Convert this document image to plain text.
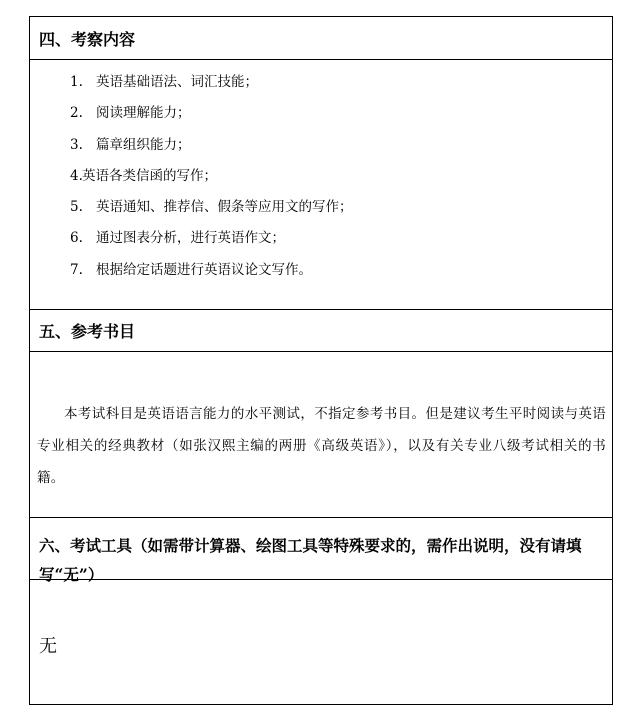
四、考察内容
1. 英语基础语法、词汇技能；
2. 阅读理解能力；
3. 篇章组织能力；
4.英语各类信函的写作；
5. 英语通知、推荐信、假条等应用文的写作；
6. 通过图表分析，进行英语作文；
7. 根据给定话题进行英语议论文写作。
五、参考书目

本考试科目是英语语言能力的水平测试，不指定参考书目。但是建议考生平时阅读与英语专业相关的经典教材（如张汉熙主编的两册《高级英语》），以及有关专业八级考试相关的书籍。

六、考试工具（如需带计算器、绘图工具等特殊要求的，需作出说明，没有请填写“无”）
无
